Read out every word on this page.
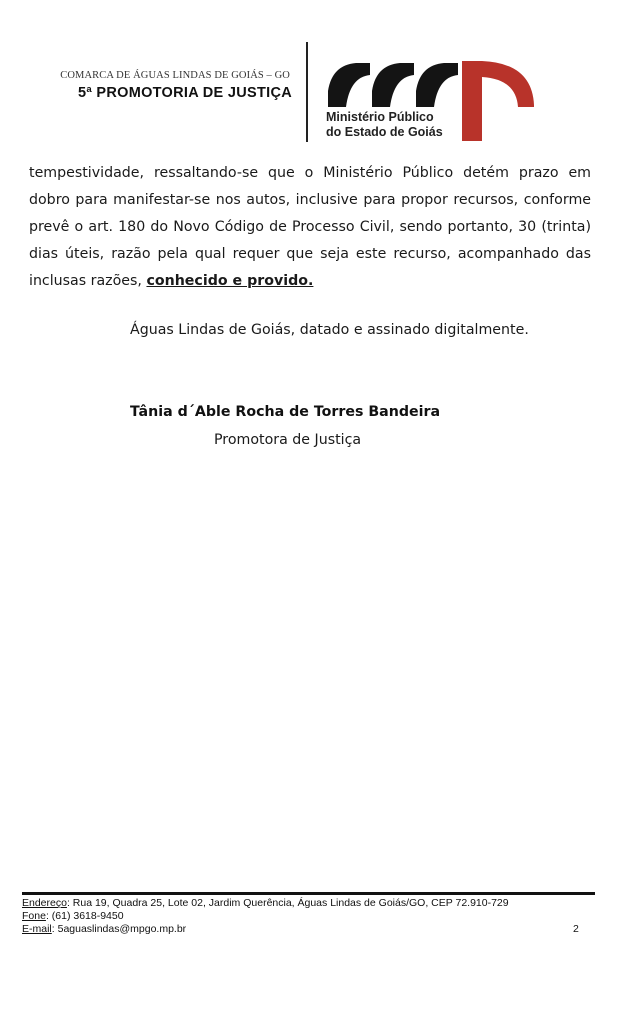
COMARCA DE ÁGUAS LINDAS DE GOIÁS – GO
5ª PROMOTORIA DE JUSTIÇA
Ministério Público
do Estado de Goiás
tempestividade, ressaltando-se que o Ministério Público detém prazo em dobro para manifestar-se nos autos, inclusive para propor recursos, conforme prevê o art. 180 do Novo Código de Processo Civil, sendo portanto, 30 (trinta) dias úteis, razão pela qual requer que seja este recurso, acompanhado das inclusas razões, conhecido e provido.
Águas Lindas de Goiás, datado e assinado digitalmente.
Tânia d´Able Rocha de Torres Bandeira
Promotora de Justiça
Endereço: Rua 19, Quadra 25, Lote 02, Jardim Querência, Águas Lindas de Goiás/GO, CEP 72.910-729
Fone: (61) 3618-9450
E-mail: 5aguaslindas@mpgo.mp.br	2
